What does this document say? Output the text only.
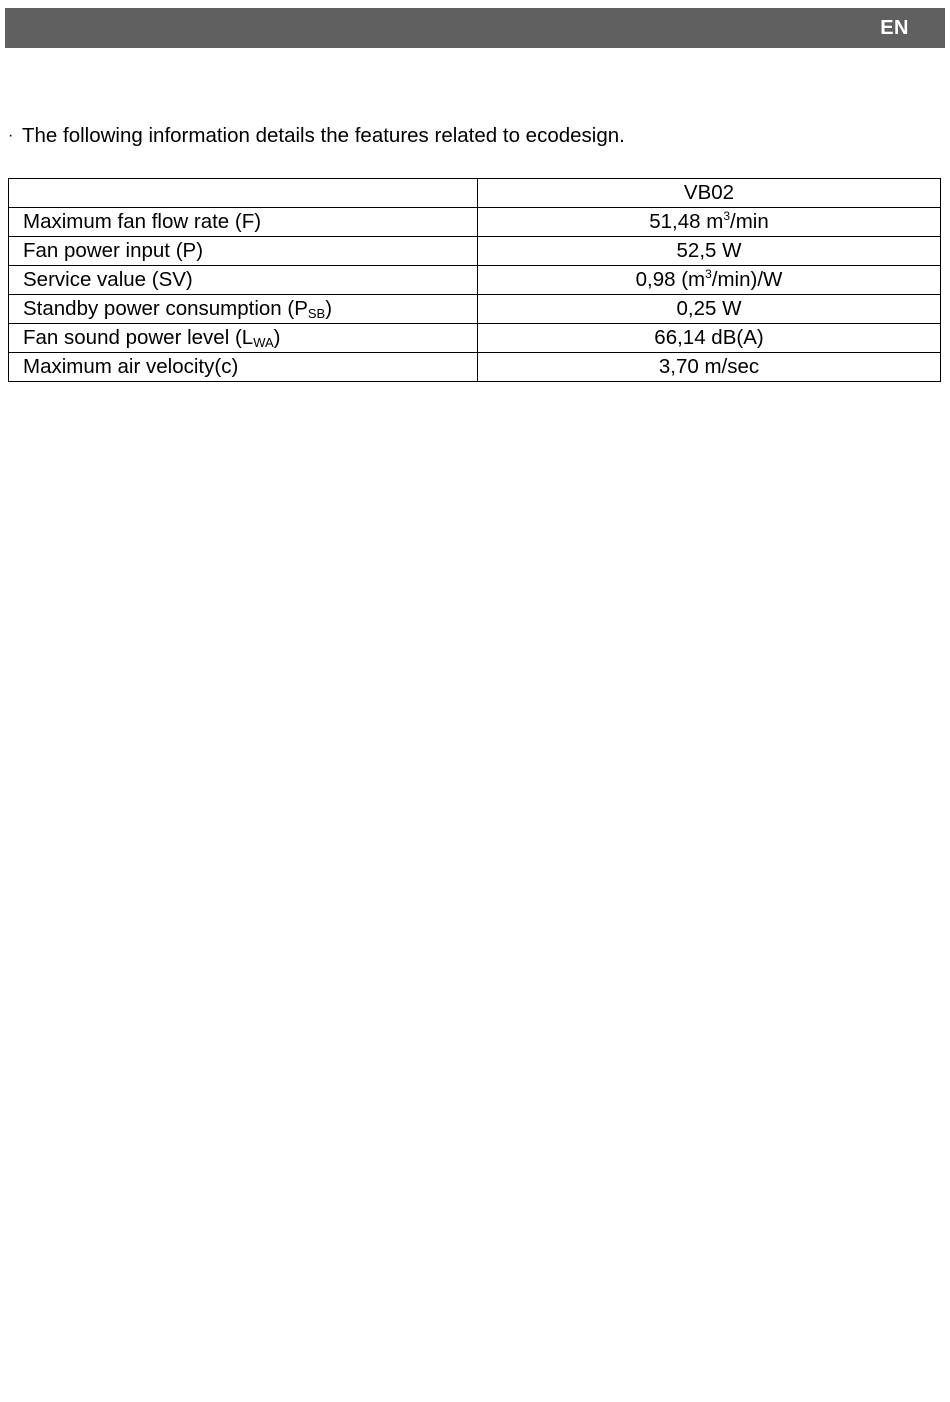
EN
· The following information details the features related to ecodesign.
	VB02
Maximum fan flow rate (F)	51,48 $m^3/\min$
Fan power input (P)	52,5 W
Service value (SV)	0,98 $(m^3/\min)/W$
Standby power consumption $(P_{SB})$	0,25 W
Fan sound power level $(L_{WA})$	66,14 dB(A)
Maximum air velocity(c)	3,70 m/sec
